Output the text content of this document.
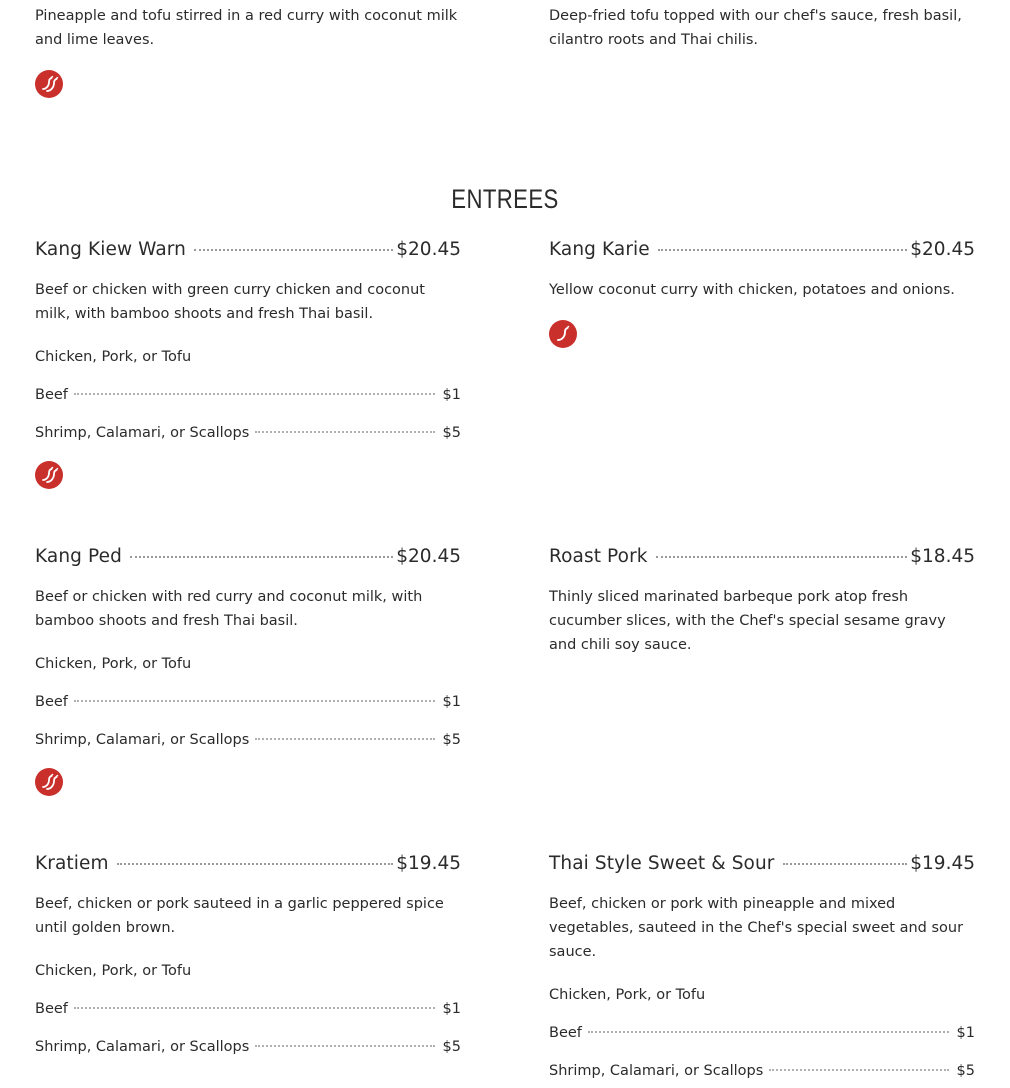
Pineapple and tofu stirred in a red curry with coconut milk and lime leaves.

Deep-fried tofu topped with our chef's sauce, fresh basil, cilantro roots and Thai chilis.

ENTREES
Kang Kiew Warn	$20.45

Beef or chicken with green curry chicken and coconut milk, with bamboo shoots and fresh Thai basil.

Chicken, Pork, or Tofu
Beef	$1
Shrimp, Calamari, or Scallops	$5
Kang Karie	$20.45

Yellow coconut curry with chicken, potatoes and onions.

Kang Ped	$20.45

Beef or chicken with red curry and coconut milk, with bamboo shoots and fresh Thai basil.

Chicken, Pork, or Tofu
Beef	$1
Shrimp, Calamari, or Scallops	$5
Roast Pork	$18.45

Thinly sliced marinated barbeque pork atop fresh cucumber slices, with the Chef's special sesame gravy and chili soy sauce.

Kratiem	$19.45

Beef, chicken or pork sauteed in a garlic peppered spice until golden brown.

Chicken, Pork, or Tofu
Beef	$1
Shrimp, Calamari, or Scallops	$5
Thai Style Sweet & Sour	$19.45

Beef, chicken or pork with pineapple and mixed vegetables, sauteed in the Chef's special sweet and sour sauce.

Chicken, Pork, or Tofu
Beef	$1
Shrimp, Calamari, or Scallops	$5
